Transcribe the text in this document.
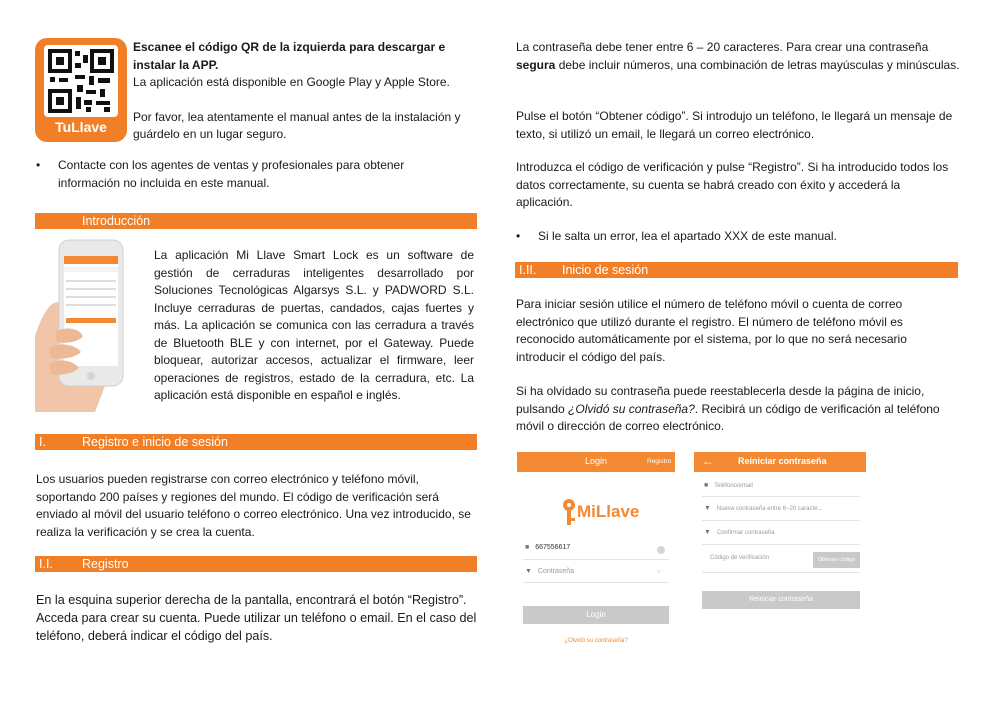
TuLlave
Escanee el código QR de la izquierda para descargar e instalar la APP.
La aplicación está disponible en Google Play y Apple Store.
Por favor, lea atentamente el manual antes de la instalación y guárdelo en un lugar seguro.
• Contacte con los agentes de ventas y profesionales para obtener información no incluida en este manual.
Introducción
La aplicación Mi Llave Smart Lock es un software de gestión de cerraduras inteligentes desarrollado por Soluciones Tecnológicas Algarsys S.L. y PADWORD S.L. Incluye cerraduras de puertas, candados, cajas fuertes y más. La aplicación se comunica con las cerradura a través de Bluetooth BLE y con internet, por el Gateway. Puede bloquear, autorizar accesos, actualizar el firmware, leer operaciones de registros, estado de la cerradura, etc. La aplicación está disponible en español e inglés.
I.	Registro e inicio de sesión
Los usuarios pueden registrarse con correo electrónico y teléfono móvil, soportando 200 países y regiones del mundo. El código de verificación será enviado al móvil del usuario teléfono o correo electrónico. Una vez introducido, se realiza la verificación y se crea la cuenta.
I.I. Registro
En la esquina superior derecha de la pantalla, encontrará el botón “Registro”. Acceda para crear su cuenta. Puede utilizar un teléfono o email. En el caso del teléfono, deberá indicar el código del país.
La contraseña debe tener entre 6 – 20 caracteres. Para crear una contraseña segura debe incluir números, una combinación de letras mayúsculas y minúsculas.
Pulse el botón “Obtener código”. Si introdujo un teléfono, le llegará un mensaje de texto, si utilizó un email, le llegará un correo electrónico.
Introduzca el código de verificación y pulse “Registro”. Si ha introducido todos los datos correctamente, su cuenta se habrá creado con éxito y accederá la aplicación.
• Si le salta un error, lea el apartado XXX de este manual.
I.II. Inicio de sesión
Para iniciar sesión utilice el número de teléfono móvil o cuenta de correo electrónico que utilizó durante el registro. El número de teléfono móvil es reconocido automáticamente por el sistema, por lo que no será necesario introducir el código del país.
Si ha olvidado su contraseña puede reestablecerla desde la página de inicio, pulsando ¿Olvidó su contraseña?. Recibirá un código de verificación al teléfono móvil o dirección de correo electrónico.
Login	Registro
MiLlave
■ 667556617
▼ Contraseña	○
Login
¿Olvidó su contraseña?
←	Reiniciar contraseña
■ Teléfono/email
▼ Nueva contraseña entre 6~20 caracte...
▼ Confirmar contraseña
Código de verificación	Obtener código
Reiniciar contraseña
